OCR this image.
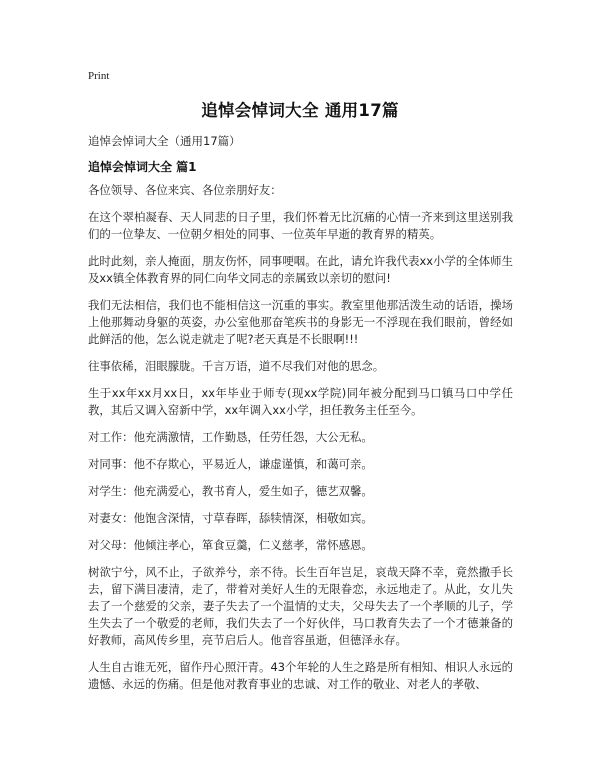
Print
追悼会悼词大全 通用17篇
追悼会悼词大全（通用17篇）
追悼会悼词大全 篇1

各位领导、各位来宾、各位亲朋好友：

在这个翠柏凝春、天人同悲的日子里，我们怀着无比沉痛的心情一齐来到这里送别我们的一位挚友、一位朝夕相处的同事、一位英年早逝的教育界的精英。

此时此刻，亲人掩面，朋友伤怀，同事哽咽。在此，请允许我代表xx小学的全体师生及xx镇全体教育界的同仁向华文同志的亲属致以亲切的慰问!

我们无法相信，我们也不能相信这一沉重的事实。教室里他那活泼生动的话语，操场上他那舞动身躯的英姿，办公室他那奋笔疾书的身影无一不浮现在我们眼前，曾经如此鲜活的他，怎么说走就走了呢?老天真是不长眼啊!!!

往事依稀，泪眼朦胧。千言万语，道不尽我们对他的思念。

生于xx年xx月xx日，xx年毕业于师专(现xx学院)同年被分配到马口镇马口中学任教，其后又调入窑新中学，xx年调入xx小学，担任教务主任至今。

对工作：他充满激情，工作勤恳，任劳任怨，大公无私。

对同事：他不存欺心，平易近人，谦虚谨慎，和蔼可亲。

对学生：他充满爱心，教书育人，爱生如子，德艺双馨。

对妻女：他饱含深情，寸草春晖，舔犊情深，相敬如宾。

对父母：他倾注孝心，箪食豆羹，仁义慈孝，常怀感恩。

树欲宁兮，风不止，子欲养兮，亲不待。长生百年岂足，哀哉天降不幸，竟然撒手长去，留下满目凄清，走了，带着对美好人生的无限眷恋，永远地走了。从此，女儿失去了一个慈爱的父亲，妻子失去了一个温情的丈夫，父母失去了一个孝顺的儿子，学生失去了一个敬爱的老师，我们失去了一个好伙伴，马口教育失去了一个才德兼备的好教师，高风传乡里，亮节启后人。他音容虽逝，但德泽永存。

人生自古谁无死，留作丹心照汗青。43个年轮的人生之路是所有相知、相识人永远的遗憾、永远的伤痛。但是他对教育事业的忠诚、对工作的敬业、对老人的孝敬、
